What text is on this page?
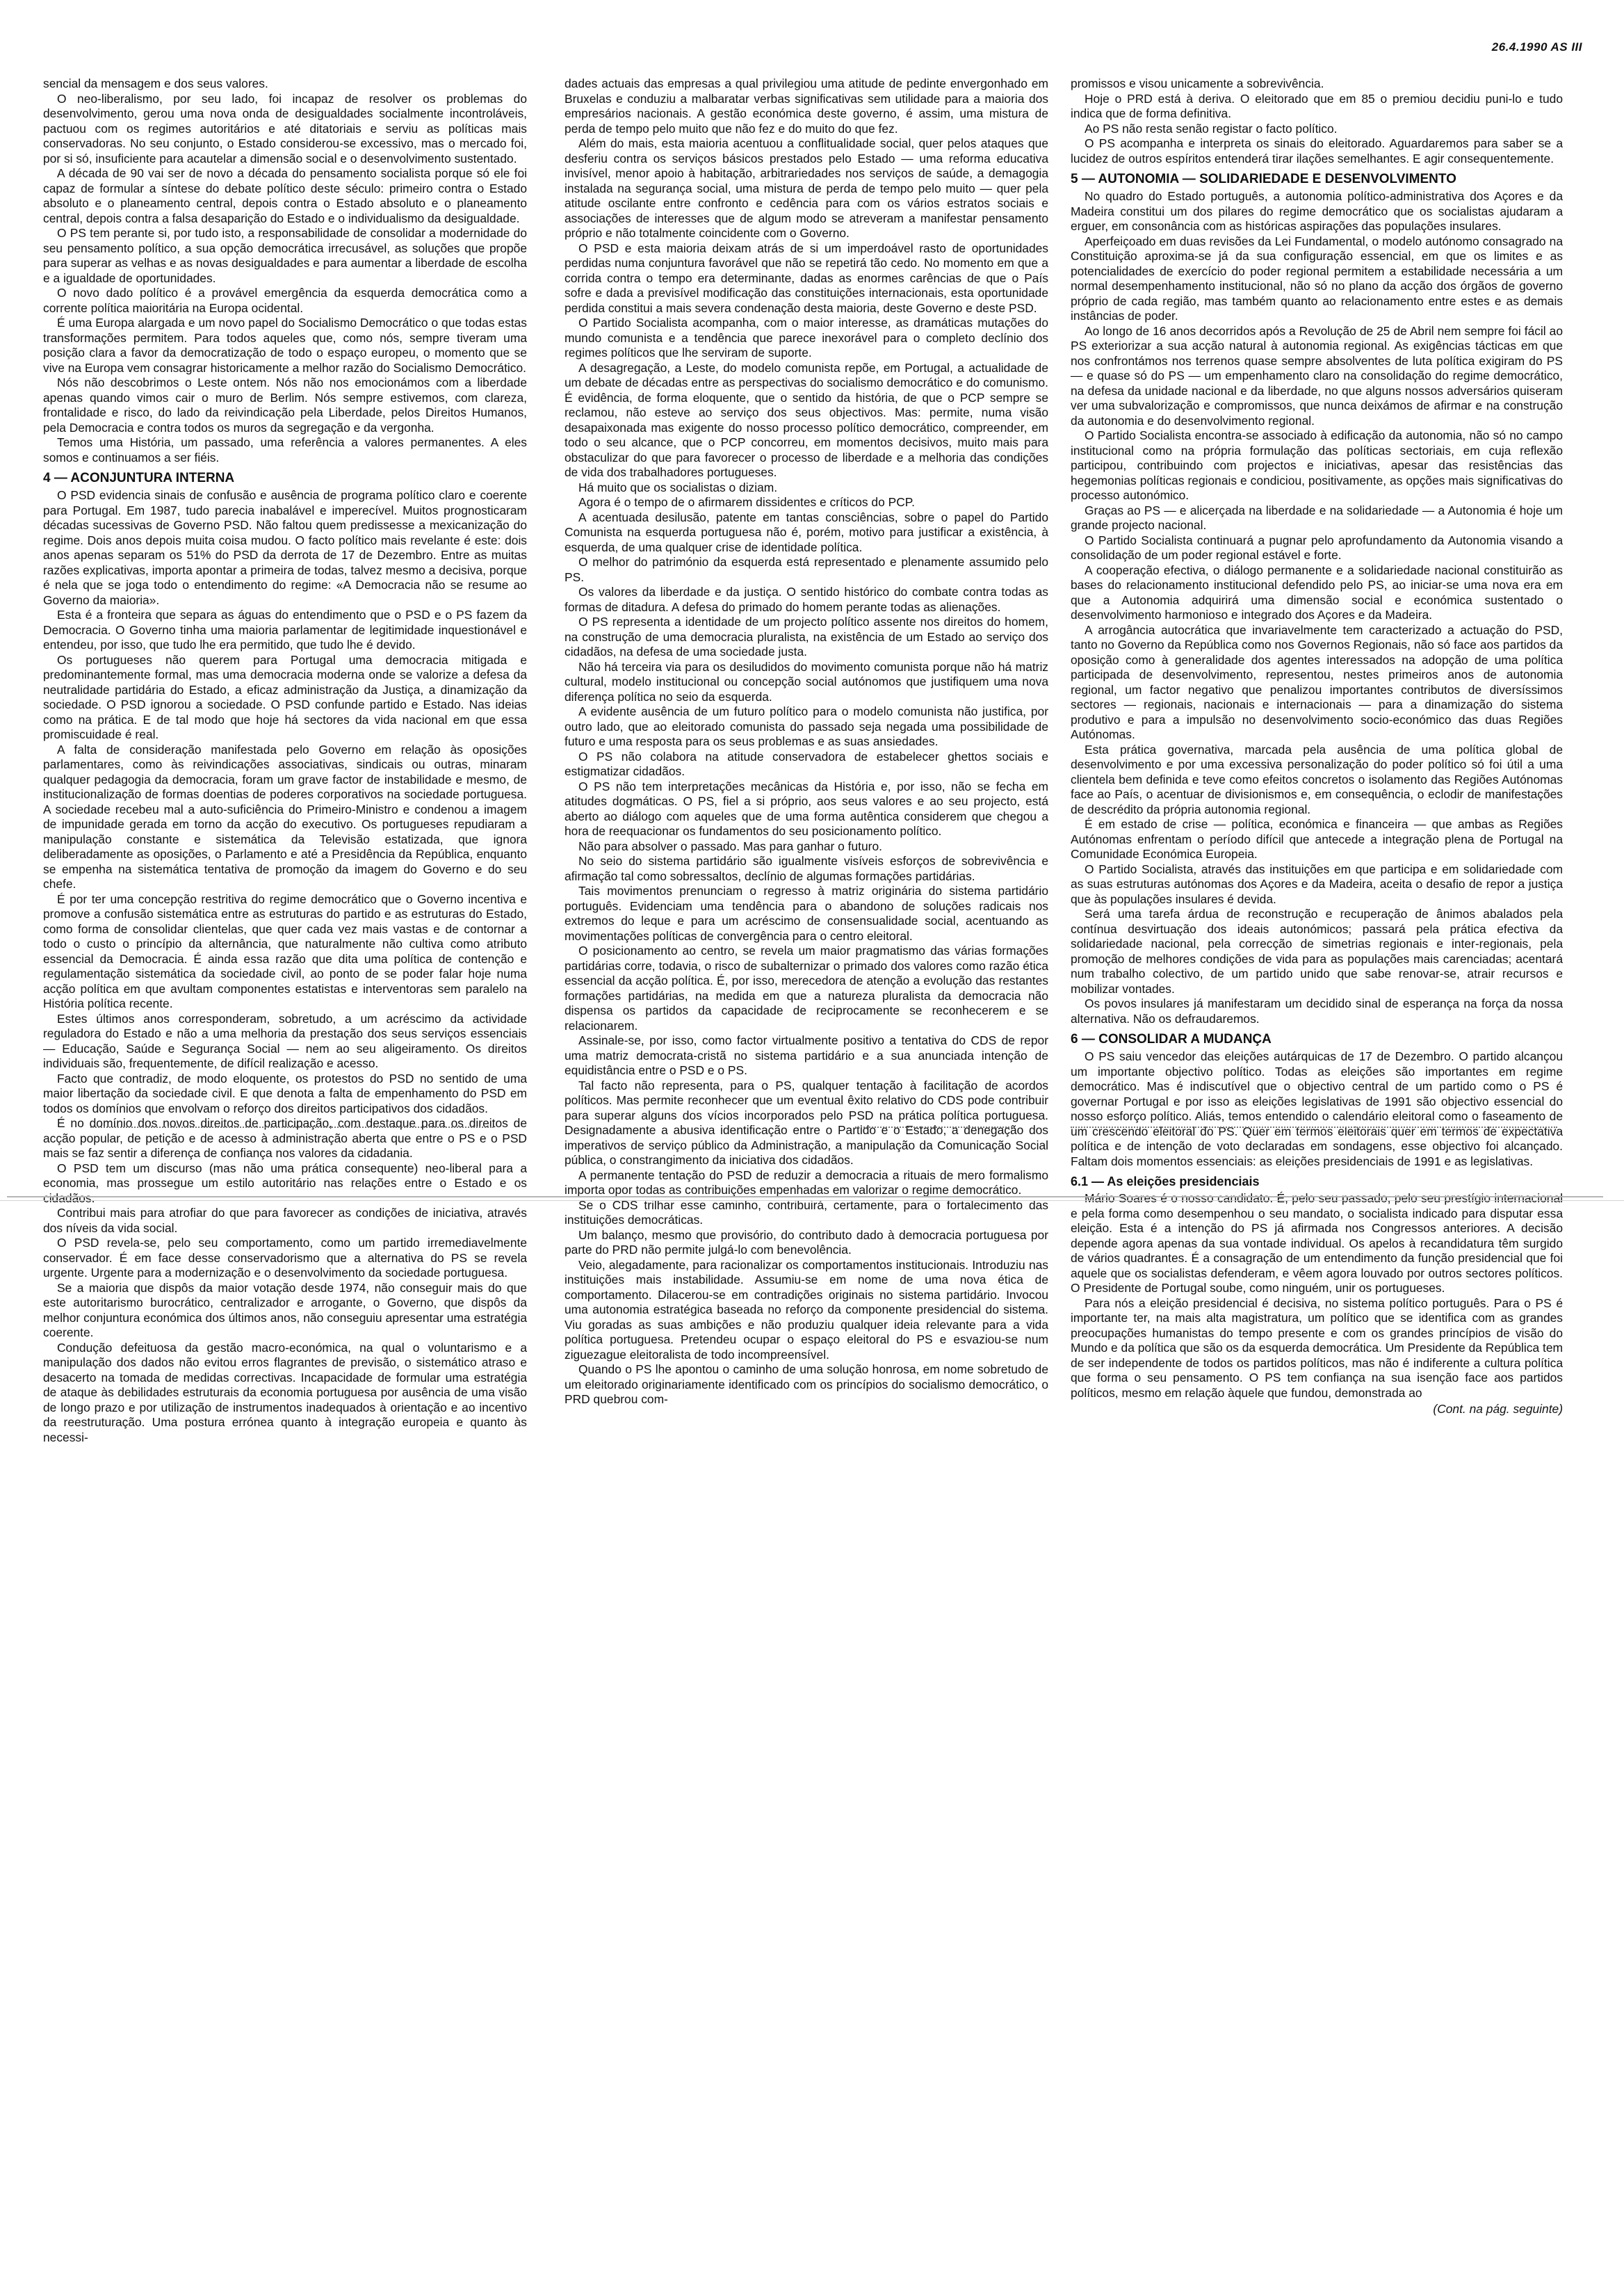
26.4.1990 AS III

sencial da mensagem e dos seus valores.

O neo-liberalismo, por seu lado, foi incapaz de resolver os problemas do desenvolvimento, gerou uma nova onda de desigualdades socialmente incontroláveis, pactuou com os regimes autoritários e até ditatoriais e serviu as políticas mais conservadoras. No seu conjunto, o Estado considerou-se excessivo, mas o mercado foi, por si só, insuficiente para acautelar a dimensão social e o desenvolvimento sustentado.

A década de 90 vai ser de novo a década do pensamento socialista porque só ele foi capaz de formular a síntese do debate político deste século: primeiro contra o Estado absoluto e o planeamento central, depois contra o Estado absoluto e o planeamento central, depois contra a falsa desaparição do Estado e o individualismo da desigualdade.

O PS tem perante si, por tudo isto, a responsabilidade de consolidar a modernidade do seu pensamento político, a sua opção democrática irrecusável, as soluções que propõe para superar as velhas e as novas desigualdades e para aumentar a liberdade de escolha e a igualdade de oportunidades.

O novo dado político é a provável emergência da esquerda democrática como a corrente política maioritária na Europa ocidental.

É uma Europa alargada e um novo papel do Socialismo Democrático o que todas estas transformações permitem. Para todos aqueles que, como nós, sempre tiveram uma posição clara a favor da democratização de todo o espaço europeu, o momento que se vive na Europa vem consagrar historicamente a melhor razão do Socialismo Democrático.

Nós não descobrimos o Leste ontem. Nós não nos emocionámos com a liberdade apenas quando vimos cair o muro de Berlim. Nós sempre estivemos, com clareza, frontalidade e risco, do lado da reivindicação pela Liberdade, pelos Direitos Humanos, pela Democracia e contra todos os muros da segregação e da vergonha.

Temos uma História, um passado, uma referência a valores permanentes. A eles somos e continuamos a ser fiéis.

4 — ACONJUNTURA INTERNA

O PSD evidencia sinais de confusão e ausência de programa político claro e coerente para Portugal. Em 1987, tudo parecia inabalável e imperecível. Muitos prognosticaram décadas sucessivas de Governo PSD. Não faltou quem predissesse a mexicanização do regime. Dois anos depois muita coisa mudou. O facto político mais revelante é este: dois anos apenas separam os 51% do PSD da derrota de 17 de Dezembro. Entre as muitas razões explicativas, importa apontar a primeira de todas, talvez mesmo a decisiva, porque é nela que se joga todo o entendimento do regime: «A Democracia não se resume ao Governo da maioria».

Esta é a fronteira que separa as águas do entendimento que o PSD e o PS fazem da Democracia. O Governo tinha uma maioria parlamentar de legitimidade inquestionável e entendeu, por isso, que tudo lhe era permitido, que tudo lhe é devido.

Os portugueses não querem para Portugal uma democracia mitigada e predominantemente formal, mas uma democracia moderna onde se valorize a defesa da neutralidade partidária do Estado, a eficaz administração da Justiça, a dinamização da sociedade. O PSD ignorou a sociedade. O PSD confunde partido e Estado. Nas ideias como na prática. E de tal modo que hoje há sectores da vida nacional em que essa promiscuidade é real.

A falta de consideração manifestada pelo Governo em relação às oposições parlamentares, como às reivindicações associativas, sindicais ou outras, minaram qualquer pedagogia da democracia, foram um grave factor de instabilidade e mesmo, de institucionalização de formas doentias de poderes corporativos na sociedade portuguesa. A sociedade recebeu mal a auto-suficiência do Primeiro-Ministro e condenou a imagem de impunidade gerada em torno da acção do executivo. Os portugueses repudiaram a manipulação constante e sistemática da Televisão estatizada, que ignora deliberadamente as oposições, o Parlamento e até a Presidência da República, enquanto se empenha na sistemática tentativa de promoção da imagem do Governo e do seu chefe.

É por ter uma concepção restritiva do regime democrático que o Governo incentiva e promove a confusão sistemática entre as estruturas do partido e as estruturas do Estado, como forma de consolidar clientelas, que quer cada vez mais vastas e de contornar a todo o custo o princípio da alternância, que naturalmente não cultiva como atributo essencial da Democracia. É ainda essa razão que dita uma política de contenção e regulamentação sistemática da sociedade civil, ao ponto de se poder falar hoje numa acção política em que avultam componentes estatistas e interventoras sem paralelo na História política recente.

Estes últimos anos corresponderam, sobretudo, a um acréscimo da actividade reguladora do Estado e não a uma melhoria da prestação dos seus serviços essenciais — Educação, Saúde e Segurança Social — nem ao seu aligeiramento. Os direitos individuais são, frequentemente, de difícil realização e acesso.

Facto que contradiz, de modo eloquente, os protestos do PSD no sentido de uma maior libertação da sociedade civil. E que denota a falta de empenhamento do PSD em todos os domínios que envolvam o reforço dos direitos participativos dos cidadãos.

É no domínio dos novos direitos de participação, com destaque para os direitos de acção popular, de petição e de acesso à administração aberta que entre o PS e o PSD mais se faz sentir a diferença de confiança nos valores da cidadania.

O PSD tem um discurso (mas não uma prática consequente) neo-liberal para a economia, mas prossegue um estilo autoritário nas relações entre o Estado e os cidadãos.

Contribui mais para atrofiar do que para favorecer as condições de iniciativa, através dos níveis da vida social.

O PSD revela-se, pelo seu comportamento, como um partido irremediavelmente conservador. É em face desse conservadorismo que a alternativa do PS se revela urgente. Urgente para a modernização e o desenvolvimento da sociedade portuguesa.

Se a maioria que dispôs da maior votação desde 1974, não conseguir mais do que este autoritarismo burocrático, centralizador e arrogante, o Governo, que dispôs da melhor conjuntura económica dos últimos anos, não conseguiu apresentar uma estratégia coerente.

Condução defeituosa da gestão macro-económica, na qual o voluntarismo e a manipulação dos dados não evitou erros flagrantes de previsão, o sistemático atraso e desacerto na tomada de medidas correctivas. Incapacidade de formular uma estratégia de ataque às debilidades estruturais da economia portuguesa por ausência de uma visão de longo prazo e por utilização de instrumentos inadequados à orientação e ao incentivo da reestruturação. Uma postura errónea quanto à integração europeia e quanto às necessi-

dades actuais das empresas a qual privilegiou uma atitude de pedinte envergonhado em Bruxelas e conduziu a malbaratar verbas significativas sem utilidade para a maioria dos empresários nacionais. A gestão económica deste governo, é assim, uma mistura de perda de tempo pelo muito que não fez e do muito do que fez.

Além do mais, esta maioria acentuou a conflitualidade social, quer pelos ataques que desferiu contra os serviços básicos prestados pelo Estado — uma reforma educativa invisível, menor apoio à habitação, arbitrariedades nos serviços de saúde, a demagogia instalada na segurança social, uma mistura de perda de tempo pelo muito — quer pela atitude oscilante entre confronto e cedência para com os vários estratos sociais e associações de interesses que de algum modo se atreveram a manifestar pensamento próprio e não totalmente coincidente com o Governo.

O PSD e esta maioria deixam atrás de si um imperdoável rasto de oportunidades perdidas numa conjuntura favorável que não se repetirá tão cedo. No momento em que a corrida contra o tempo era determinante, dadas as enormes carências de que o País sofre e dada a previsível modificação das constituições internacionais, esta oportunidade perdida constitui a mais severa condenação desta maioria, deste Governo e deste PSD.

O Partido Socialista acompanha, com o maior interesse, as dramáticas mutações do mundo comunista e a tendência que parece inexorável para o completo declínio dos regimes políticos que lhe serviram de suporte.

A desagregação, a Leste, do modelo comunista repõe, em Portugal, a actualidade de um debate de décadas entre as perspectivas do socialismo democrático e do comunismo. É evidência, de forma eloquente, que o sentido da história, de que o PCP sempre se reclamou, não esteve ao serviço dos seus objectivos. Mas: permite, numa visão desapaixonada mas exigente do nosso processo político democrático, compreender, em todo o seu alcance, que o PCP concorreu, em momentos decisivos, muito mais para obstaculizar do que para favorecer o processo de liberdade e a melhoria das condições de vida dos trabalhadores portugueses.

Há muito que os socialistas o diziam.

Agora é o tempo de o afirmarem dissidentes e críticos do PCP.

A acentuada desilusão, patente em tantas consciências, sobre o papel do Partido Comunista na esquerda portuguesa não é, porém, motivo para justificar a existência, à esquerda, de uma qualquer crise de identidade política.

O melhor do património da esquerda está representado e plenamente assumido pelo PS.

Os valores da liberdade e da justiça. O sentido histórico do combate contra todas as formas de ditadura. A defesa do primado do homem perante todas as alienações.

O PS representa a identidade de um projecto político assente nos direitos do homem, na construção de uma democracia pluralista, na existência de um Estado ao serviço dos cidadãos, na defesa de uma sociedade justa.

Não há terceira via para os desiludidos do movimento comunista porque não há matriz cultural, modelo institucional ou concepção social autónomos que justifiquem uma nova diferença política no seio da esquerda.

A evidente ausência de um futuro político para o modelo comunista não justifica, por outro lado, que ao eleitorado comunista do passado seja negada uma possibilidade de futuro e uma resposta para os seus problemas e as suas ansiedades.

O PS não colabora na atitude conservadora de estabelecer ghettos sociais e estigmatizar cidadãos.

O PS não tem interpretações mecânicas da História e, por isso, não se fecha em atitudes dogmáticas. O PS, fiel a si próprio, aos seus valores e ao seu projecto, está aberto ao diálogo com aqueles que de uma forma autêntica considerem que chegou a hora de reequacionar os fundamentos do seu posicionamento político.

Não para absolver o passado. Mas para ganhar o futuro.

No seio do sistema partidário são igualmente visíveis esforços de sobrevivência e afirmação tal como sobressaltos, declínio de algumas formações partidárias.

Tais movimentos prenunciam o regresso à matriz originária do sistema partidário português. Evidenciam uma tendência para o abandono de soluções radicais nos extremos do leque e para um acréscimo de consensualidade social, acentuando as movimentações políticas de convergência para o centro eleitoral.

O posicionamento ao centro, se revela um maior pragmatismo das várias formações partidárias corre, todavia, o risco de subalternizar o primado dos valores como razão ética essencial da acção política. É, por isso, merecedora de atenção a evolução das restantes formações partidárias, na medida em que a natureza pluralista da democracia não dispensa os partidos da capacidade de reciprocamente se reconhecerem e se relacionarem.

Assinale-se, por isso, como factor virtualmente positivo a tentativa do CDS de repor uma matriz democrata-cristã no sistema partidário e a sua anunciada intenção de equidistância entre o PSD e o PS.

Tal facto não representa, para o PS, qualquer tentação à facilitação de acordos políticos. Mas permite reconhecer que um eventual êxito relativo do CDS pode contribuir para superar alguns dos vícios incorporados pelo PSD na prática política portuguesa. Designadamente a abusiva identificação entre o Partido e o Estado, a denegação dos imperativos de serviço público da Administração, a manipulação da Comunicação Social pública, o constrangimento da iniciativa dos cidadãos.

A permanente tentação do PSD de reduzir a democracia a rituais de mero formalismo importa opor todas as contribuições empenhadas em valorizar o regime democrático.

Se o CDS trilhar esse caminho, contribuirá, certamente, para o fortalecimento das instituições democráticas.

Um balanço, mesmo que provisório, do contributo dado à democracia portuguesa por parte do PRD não permite julgá-lo com benevolência.

Veio, alegadamente, para racionalizar os comportamentos institucionais. Introduziu nas instituições mais instabilidade. Assumiu-se em nome de uma nova ética de comportamento. Dilacerou-se em contradições originais no sistema partidário. Invocou uma autonomia estratégica baseada no reforço da componente presidencial do sistema. Viu goradas as suas ambições e não produziu qualquer ideia relevante para a vida política portuguesa. Pretendeu ocupar o espaço eleitoral do PS e esvaziou-se num ziguezague eleitoralista de todo incompreensível.

Quando o PS lhe apontou o caminho de uma solução honrosa, em nome sobretudo de um eleitorado originariamente identificado com os princípios do socialismo democrático, o PRD quebrou com-

promissos e visou unicamente a sobrevivência.

Hoje o PRD está à deriva. O eleitorado que em 85 o premiou decidiu puni-lo e tudo indica que de forma definitiva.

Ao PS não resta senão registar o facto político.

O PS acompanha e interpreta os sinais do eleitorado. Aguardaremos para saber se a lucidez de outros espíritos entenderá tirar ilações semelhantes. E agir consequentemente.

5 — AUTONOMIA — SOLIDARIEDADE E DESENVOLVIMENTO

No quadro do Estado português, a autonomia político-administrativa dos Açores e da Madeira constitui um dos pilares do regime democrático que os socialistas ajudaram a erguer, em consonância com as históricas aspirações das populações insulares.

Aperfeiçoado em duas revisões da Lei Fundamental, o modelo autónomo consagrado na Constituição aproxima-se já da sua configuração essencial, em que os limites e as potencialidades de exercício do poder regional permitem a estabilidade necessária a um normal desempenhamento institucional, não só no plano da acção dos órgãos de governo próprio de cada região, mas também quanto ao relacionamento entre estes e as demais instâncias de poder.

Ao longo de 16 anos decorridos após a Revolução de 25 de Abril nem sempre foi fácil ao PS exteriorizar a sua acção natural à autonomia regional. As exigências tácticas em que nos confrontámos nos terrenos quase sempre absolventes de luta política exigiram do PS — e quase só do PS — um empenhamento claro na consolidação do regime democrático, na defesa da unidade nacional e da liberdade, no que alguns nossos adversários quiseram ver uma subvalorização e compromissos, que nunca deixámos de afirmar e na construção da autonomia e do desenvolvimento regional.

O Partido Socialista encontra-se associado à edificação da autonomia, não só no campo institucional como na própria formulação das políticas sectoriais, em cuja reflexão participou, contribuindo com projectos e iniciativas, apesar das resistências das hegemonias políticas regionais e condiciou, positivamente, as opções mais significativas do processo autonómico.

Graças ao PS — e alicerçada na liberdade e na solidariedade — a Autonomia é hoje um grande projecto nacional.

O Partido Socialista continuará a pugnar pelo aprofundamento da Autonomia visando a consolidação de um poder regional estável e forte.

A cooperação efectiva, o diálogo permanente e a solidariedade nacional constituirão as bases do relacionamento institucional defendido pelo PS, ao iniciar-se uma nova era em que a Autonomia adquirirá uma dimensão social e económica sustentado o desenvolvimento harmonioso e integrado dos Açores e da Madeira.

A arrogância autocrática que invariavelmente tem caracterizado a actuação do PSD, tanto no Governo da República como nos Governos Regionais, não só face aos partidos da oposição como à generalidade dos agentes interessados na adopção de uma política participada de desenvolvimento, representou, nestes primeiros anos de autonomia regional, um factor negativo que penalizou importantes contributos de diversíssimos sectores — regionais, nacionais e internacionais — para a dinamização do sistema produtivo e para a impulsão no desenvolvimento socio-económico das duas Regiões Autónomas.

Esta prática governativa, marcada pela ausência de uma política global de desenvolvimento e por uma excessiva personalização do poder político só foi útil a uma clientela bem definida e teve como efeitos concretos o isolamento das Regiões Autónomas face ao País, o acentuar de divisionismos e, em consequência, o eclodir de manifestações de descrédito da própria autonomia regional.

É em estado de crise — política, económica e financeira — que ambas as Regiões Autónomas enfrentam o período difícil que antecede a integração plena de Portugal na Comunidade Económica Europeia.

O Partido Socialista, através das instituições em que participa e em solidariedade com as suas estruturas autónomas dos Açores e da Madeira, aceita o desafio de repor a justiça que às populações insulares é devida.

Será uma tarefa árdua de reconstrução e recuperação de ânimos abalados pela contínua desvirtuação dos ideais autonómicos; passará pela prática efectiva da solidariedade nacional, pela correcção de simetrias regionais e inter-regionais, pela promoção de melhores condições de vida para as populações mais carenciadas; acentará num trabalho colectivo, de um partido unido que sabe renovar-se, atrair recursos e mobilizar vontades.

Os povos insulares já manifestaram um decidido sinal de esperança na força da nossa alternativa. Não os defraudaremos.

6 — CONSOLIDAR A MUDANÇA

O PS saiu vencedor das eleições autárquicas de 17 de Dezembro. O partido alcançou um importante objectivo político. Todas as eleições são importantes em regime democrático. Mas é indiscutível que o objectivo central de um partido como o PS é governar Portugal e por isso as eleições legislativas de 1991 são objectivo essencial do nosso esforço político. Aliás, temos entendido o calendário eleitoral como o faseamento de um crescendo eleitoral do PS. Quer em termos eleitorais quer em termos de expectativa política e de intenção de voto declaradas em sondagens, esse objectivo foi alcançado. Faltam dois momentos essenciais: as eleições presidenciais de 1991 e as legislativas.

6.1 — As eleições presidenciais

Mário Soares é o nosso candidato. É, pelo seu passado, pelo seu prestígio internacional e pela forma como desempenhou o seu mandato, o socialista indicado para disputar essa eleição. Esta é a intenção do PS já afirmada nos Congressos anteriores. A decisão depende agora apenas da sua vontade individual. Os apelos à recandidatura têm surgido de vários quadrantes. É a consagração de um entendimento da função presidencial que foi aquele que os socialistas defenderam, e vêem agora louvado por outros sectores políticos. O Presidente de Portugal soube, como ninguém, unir os portugueses.

Para nós a eleição presidencial é decisiva, no sistema político português. Para o PS é importante ter, na mais alta magistratura, um político que se identifica com as grandes preocupações humanistas do tempo presente e com os grandes princípios de visão do Mundo e da política que são os da esquerda democrática. Um Presidente da República tem de ser independente de todos os partidos políticos, mas não é indiferente a cultura política que forma o seu pensamento. O PS tem confiança na sua isenção face aos partidos políticos, mesmo em relação àquele que fundou, demonstrada ao

(Cont. na pág. seguinte)
